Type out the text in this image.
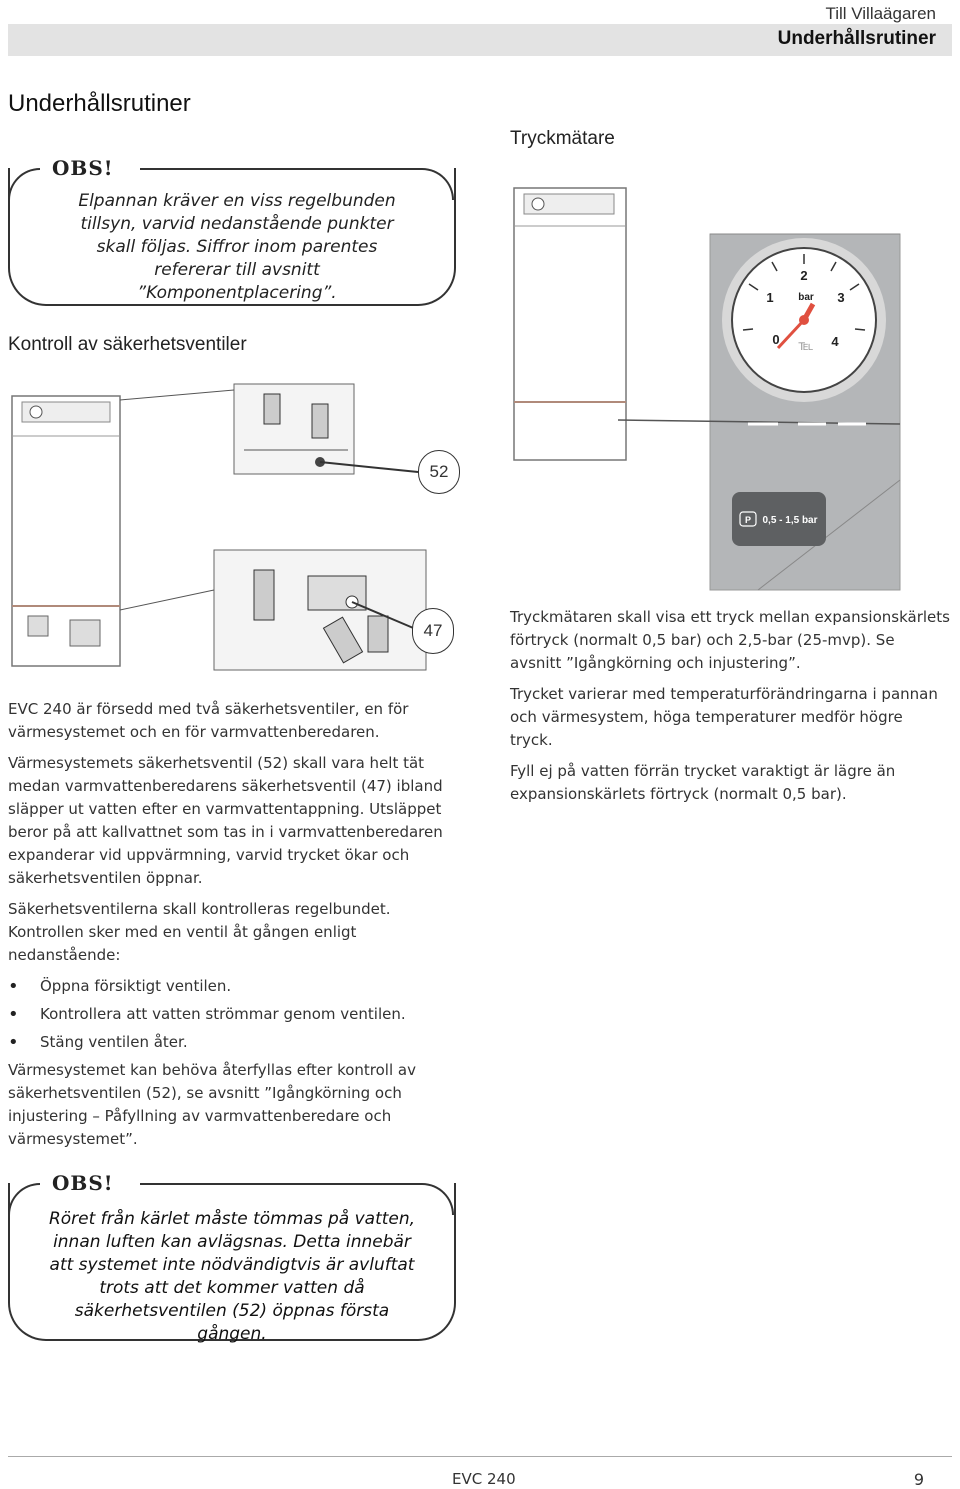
Till Villaägaren
Underhållsrutiner
Underhållsrutiner
OBS!
Elpannan kräver en viss regelbunden tillsyn, varvid nedanstående punkter skall följas. Siffror inom parentes refererar till avsnitt ”Komponentplacering”.
Kontroll av säkerhetsventiler
52
47

EVC 240 är försedd med två säkerhetsventiler, en för värmesystemet och en för varmvattenberedaren.

Värmesystemets säkerhetsventil (52) skall vara helt tät medan varmvattenberedarens säkerhetsventil (47) ibland släpper ut vatten efter en varmvattentappning. Utsläppet beror på att kallvattnet som tas in i varmvattenberedaren expanderar vid uppvärmning, varvid trycket ökar och säkerhetsventilen öppnar.

Säkerhetsventilerna skall kontrolleras regelbundet. Kontrollen sker med en ventil åt gången enligt nedanstående:

• Öppna försiktigt ventilen.
• Kontrollera att vatten strömmar genom ventilen.
• Stäng ventilen åter.

Värmesystemet kan behöva återfyllas efter kontroll av säkerhetsventilen (52), se avsnitt ”Igångkörning och injustering – Påfyllning av varmvattenberedare och värmesystemet”.

Tryckmätare
2
1	3
0	4
bar
℡
P 0,5 - 1,5 bar

Tryckmätaren skall visa ett tryck mellan expansionskärlets förtryck (normalt 0,5 bar) och 2,5-bar (25-mvp). Se avsnitt ”Igångkörning och injustering”.

Trycket varierar med temperaturförändringarna i pannan och värmesystem, höga temperaturer medför högre tryck.

Fyll ej på vatten förrän trycket varaktigt är lägre än expansionskärlets förtryck (normalt 0,5 bar).

OBS!
Röret från kärlet måste tömmas på vatten, innan luften kan avlägsnas. Detta innebär att systemet inte nödvändigtvis är avluftat trots att det kommer vatten då säkerhetsventilen (52) öppnas första gången.
EVC 240	9
